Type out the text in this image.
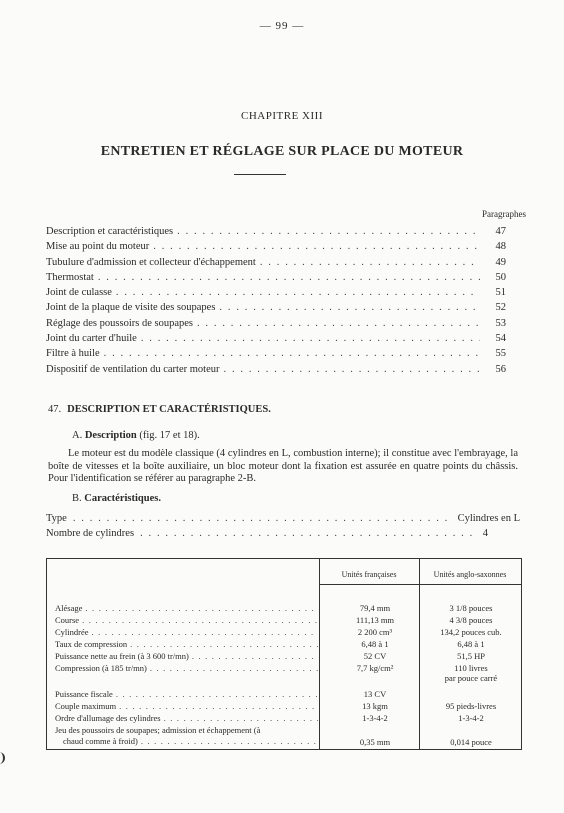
— 99 —
CHAPITRE XIII
ENTRETIEN ET RÉGLAGE SUR PLACE DU MOTEUR
Paragraphes
Description et caractéristiques . . .	47
Mise au point du moteur . . .	48
Tubulure d'admission et collecteur d'échappement . . .	49
Thermostat . . .	50
Joint de culasse . . .	51
Joint de la plaque de visite des soupapes . . .	52
Réglage des poussoirs de soupapes . . .	53
Joint du carter d'huile . . .	54
Filtre à huile . . .	55
Dispositif de ventilation du carter moteur . . .	56
47. DESCRIPTION ET CARACTÉRISTIQUES.
A. Description (fig. 17 et 18).
Le moteur est du modèle classique (4 cylindres en L, combustion interne); il constitue avec l'embrayage, la boîte de vitesses et la boîte auxiliaire, un bloc moteur dont la fixation est assurée en quatre points du châssis. Pour l'identification se référer au paragraphe 2-B.
B. Caractéristiques.
Type . . .	Cylindres en L
Nombre de cylindres . . .	4
Unités françaises	Unités anglo-saxonnes
Alésage . . .	79,4 mm	3 1/8 pouces
Course . . .	111,13 mm	4 3/8 pouces
Cylindrée . . .	2 200 cm³	134,2 pouces cub.
Taux de compression . . .	6,48 à 1	6,48 à 1
Puissance nette au frein (à 3 600 tr/mn) . . .	52 CV	51,5 HP
Compression (à 185 tr/mn) . . .	7,7 kg/cm²	110 livres
par pouce carré
Puissance fiscale . . .	13 CV
Couple maximum . . .	13 kgm	95 pieds-livres
Ordre d'allumage des cylindres . . .	1-3-4-2	1-3-4-2
Jeu des poussoirs de soupapes; admission et échappement (à
chaud comme à froid) . . .	0,35 mm	0,014 pouce
